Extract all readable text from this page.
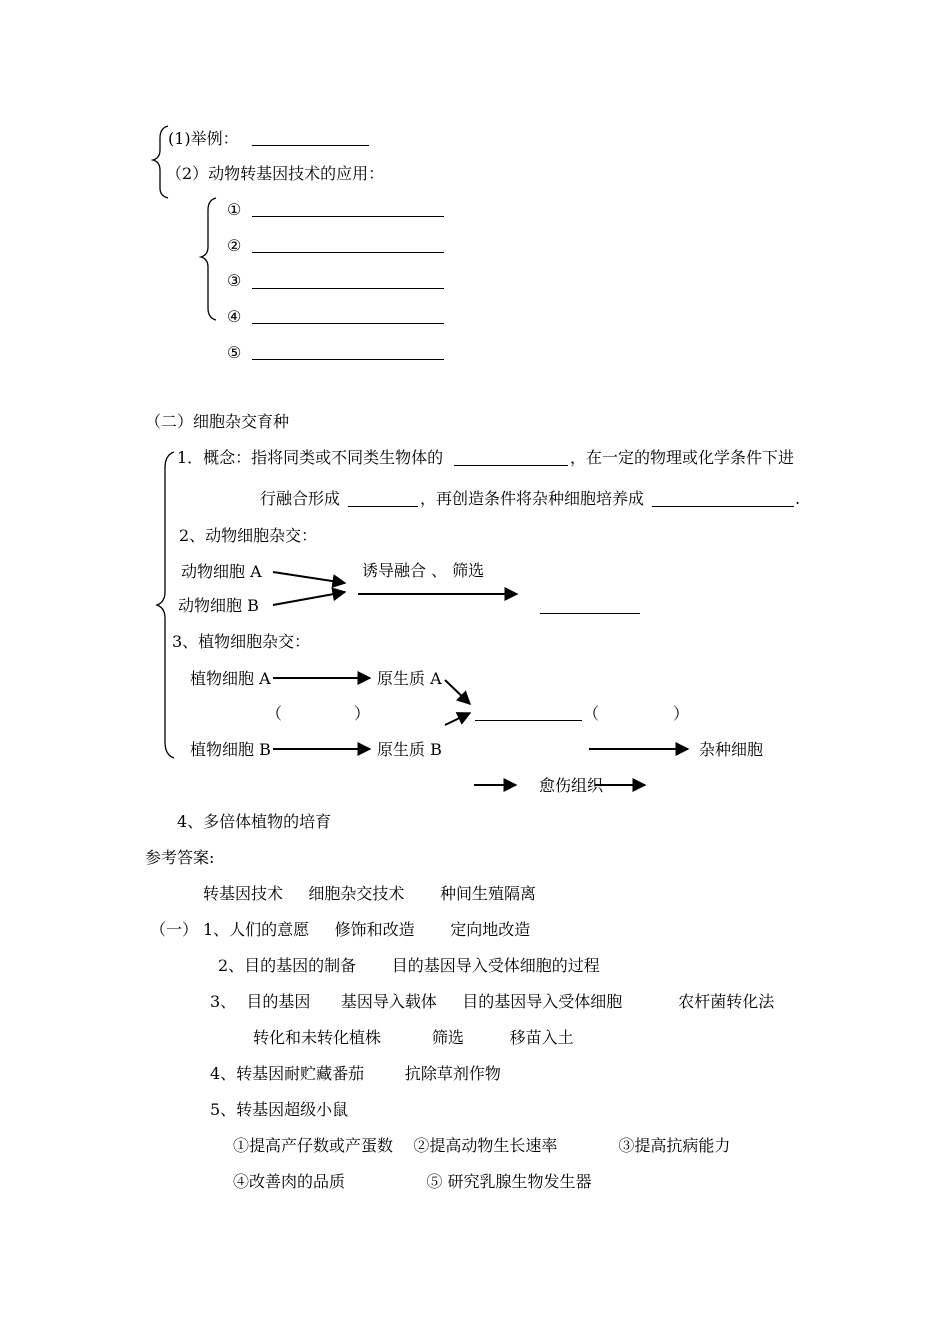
(1)举例：
（2）动物转基因技术的应用：
①
②
③
④
⑤
（二）细胞杂交育种
1．概念：指将同类或不同类生物体的	，在一定的物理或化学条件下进
行融合形成	，再创造条件将杂种细胞培养成	.
2、动物细胞杂交：
动物细胞 A
动物细胞 B
诱导融合 、 筛选
3、植物细胞杂交：
植物细胞 A	原生质 A
（	）	（	）
植物细胞 B	原生质 B	杂种细胞
愈伤组织
4、多倍体植物的培育
参考答案:
转基因技术     细胞杂交技术       种间生殖隔离
（一） 1、人们的意愿     修饰和改造       定向地改造
2、目的基因的制备       目的基因导入受体细胞的过程
3、  目的基因      基因导入载体     目的基因导入受体细胞           农杆菌转化法
转化和未转化植株          筛选         移苗入土
4、转基因耐贮藏番茄        抗除草剂作物
5、转基因超级小鼠
①提高产仔数或产蛋数    ②提高动物生长速率            ③提高抗病能力
④改善肉的品质                ⑤ 研究乳腺生物发生器
